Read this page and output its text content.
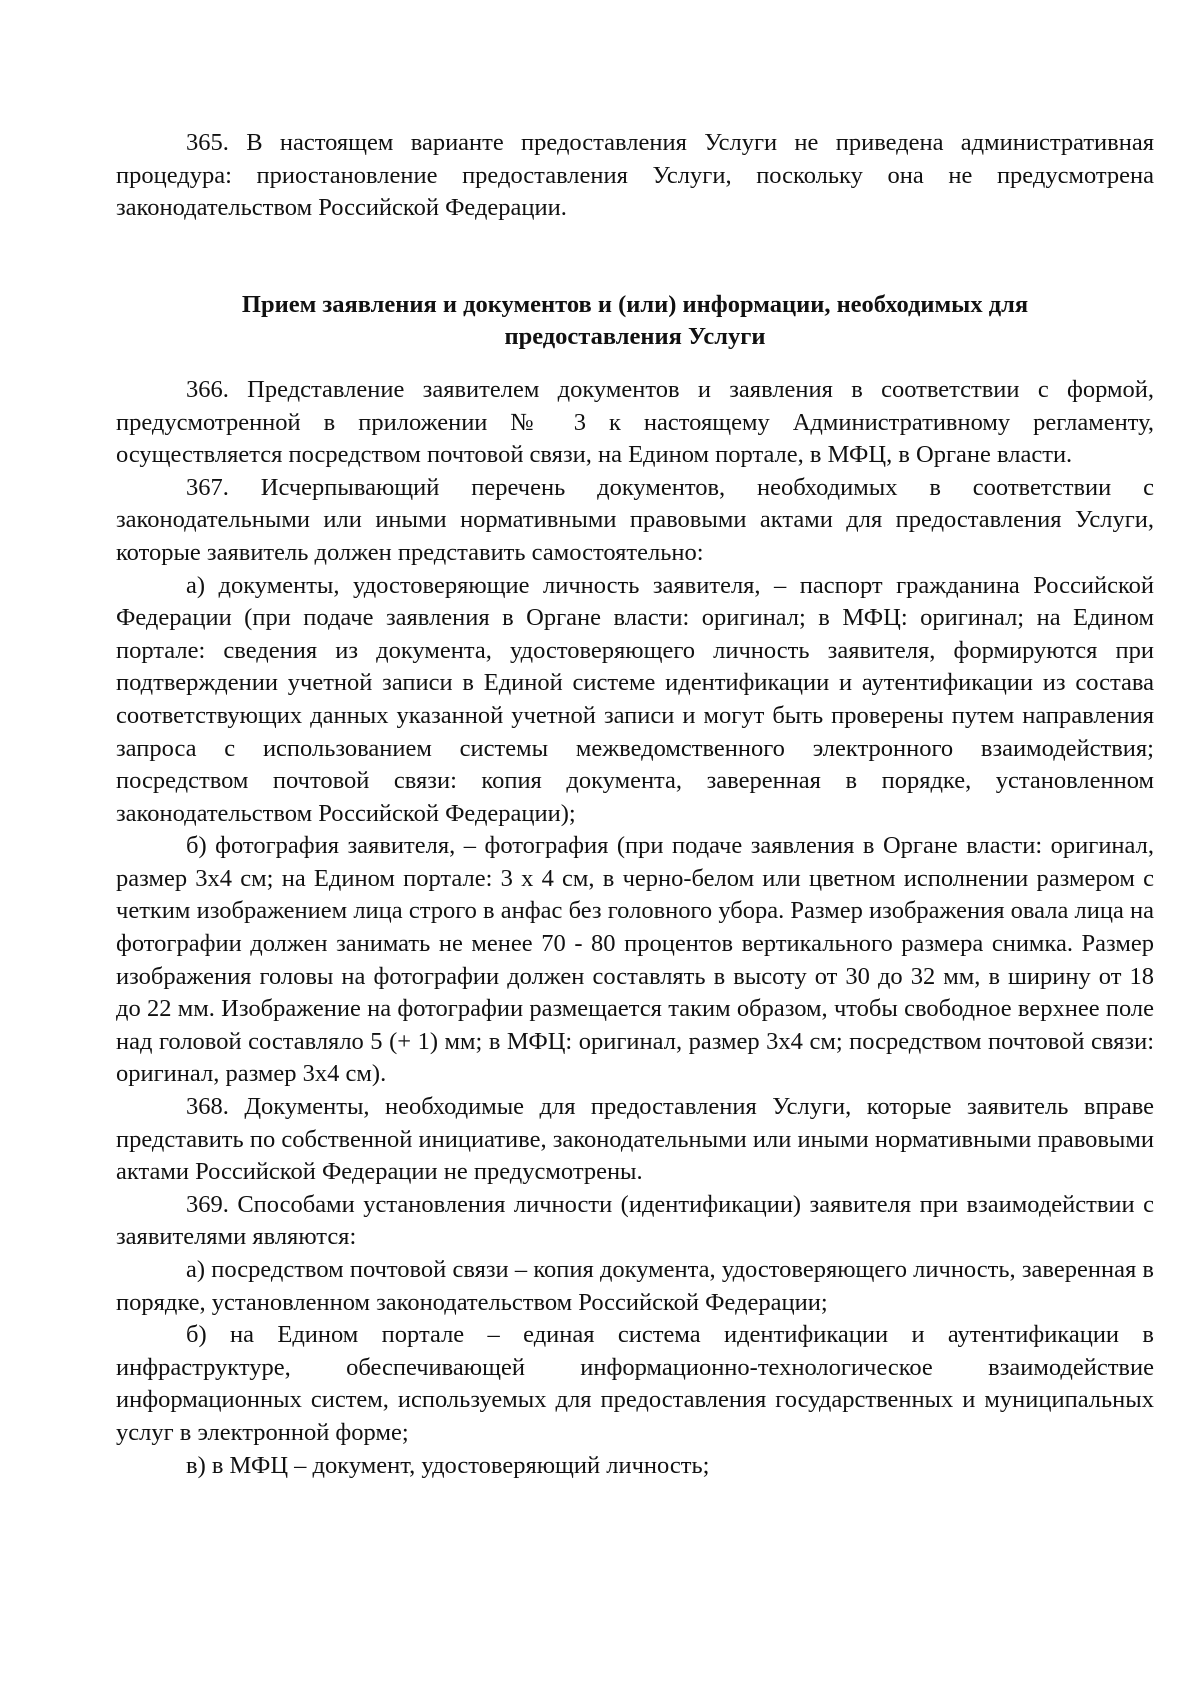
365. В настоящем варианте предоставления Услуги не приведена административная процедура: приостановление предоставления Услуги, поскольку она не предусмотрена законодательством Российской Федерации.

Прием заявления и документов и (или) информации, необходимых для предоставления Услуги

366. Представление заявителем документов и заявления в соответствии с формой, предусмотренной в приложении № 3 к настоящему Административному регламенту, осуществляется посредством почтовой связи, на Едином портале, в МФЦ, в Органе власти.

367. Исчерпывающий перечень документов, необходимых в соответствии с законодательными или иными нормативными правовыми актами для предоставления Услуги, которые заявитель должен представить самостоятельно:

а) документы, удостоверяющие личность заявителя, – паспорт гражданина Российской Федерации (при подаче заявления в Органе власти: оригинал; в МФЦ: оригинал; на Едином портале: сведения из документа, удостоверяющего личность заявителя, формируются при подтверждении учетной записи в Единой системе идентификации и аутентификации из состава соответствующих данных указанной учетной записи и могут быть проверены путем направления запроса с использованием системы межведомственного электронного взаимодействия; посредством почтовой связи: копия документа, заверенная в порядке, установленном законодательством Российской Федерации);

б) фотография заявителя, – фотография (при подаче заявления в Органе власти: оригинал, размер 3х4 см; на Едином портале: 3 х 4 см, в черно-белом или цветном исполнении размером с четким изображением лица строго в анфас без головного убора. Размер изображения овала лица на фотографии должен занимать не менее 70 - 80 процентов вертикального размера снимка. Размер изображения головы на фотографии должен составлять в высоту от 30 до 32 мм, в ширину от 18 до 22 мм. Изображение на фотографии размещается таким образом, чтобы свободное верхнее поле над головой составляло 5 (+ 1) мм; в МФЦ: оригинал, размер 3х4 см; посредством почтовой связи: оригинал, размер 3х4 см).

368. Документы, необходимые для предоставления Услуги, которые заявитель вправе представить по собственной инициативе, законодательными или иными нормативными правовыми актами Российской Федерации не предусмотрены.

369. Способами установления личности (идентификации) заявителя при взаимодействии с заявителями являются:

а) посредством почтовой связи – копия документа, удостоверяющего личность, заверенная в порядке, установленном законодательством Российской Федерации;

б) на Едином портале – единая система идентификации и аутентификации в инфраструктуре, обеспечивающей информационно-технологическое взаимодействие информационных систем, используемых для предоставления государственных и муниципальных услуг в электронной форме;

в) в МФЦ – документ, удостоверяющий личность;
